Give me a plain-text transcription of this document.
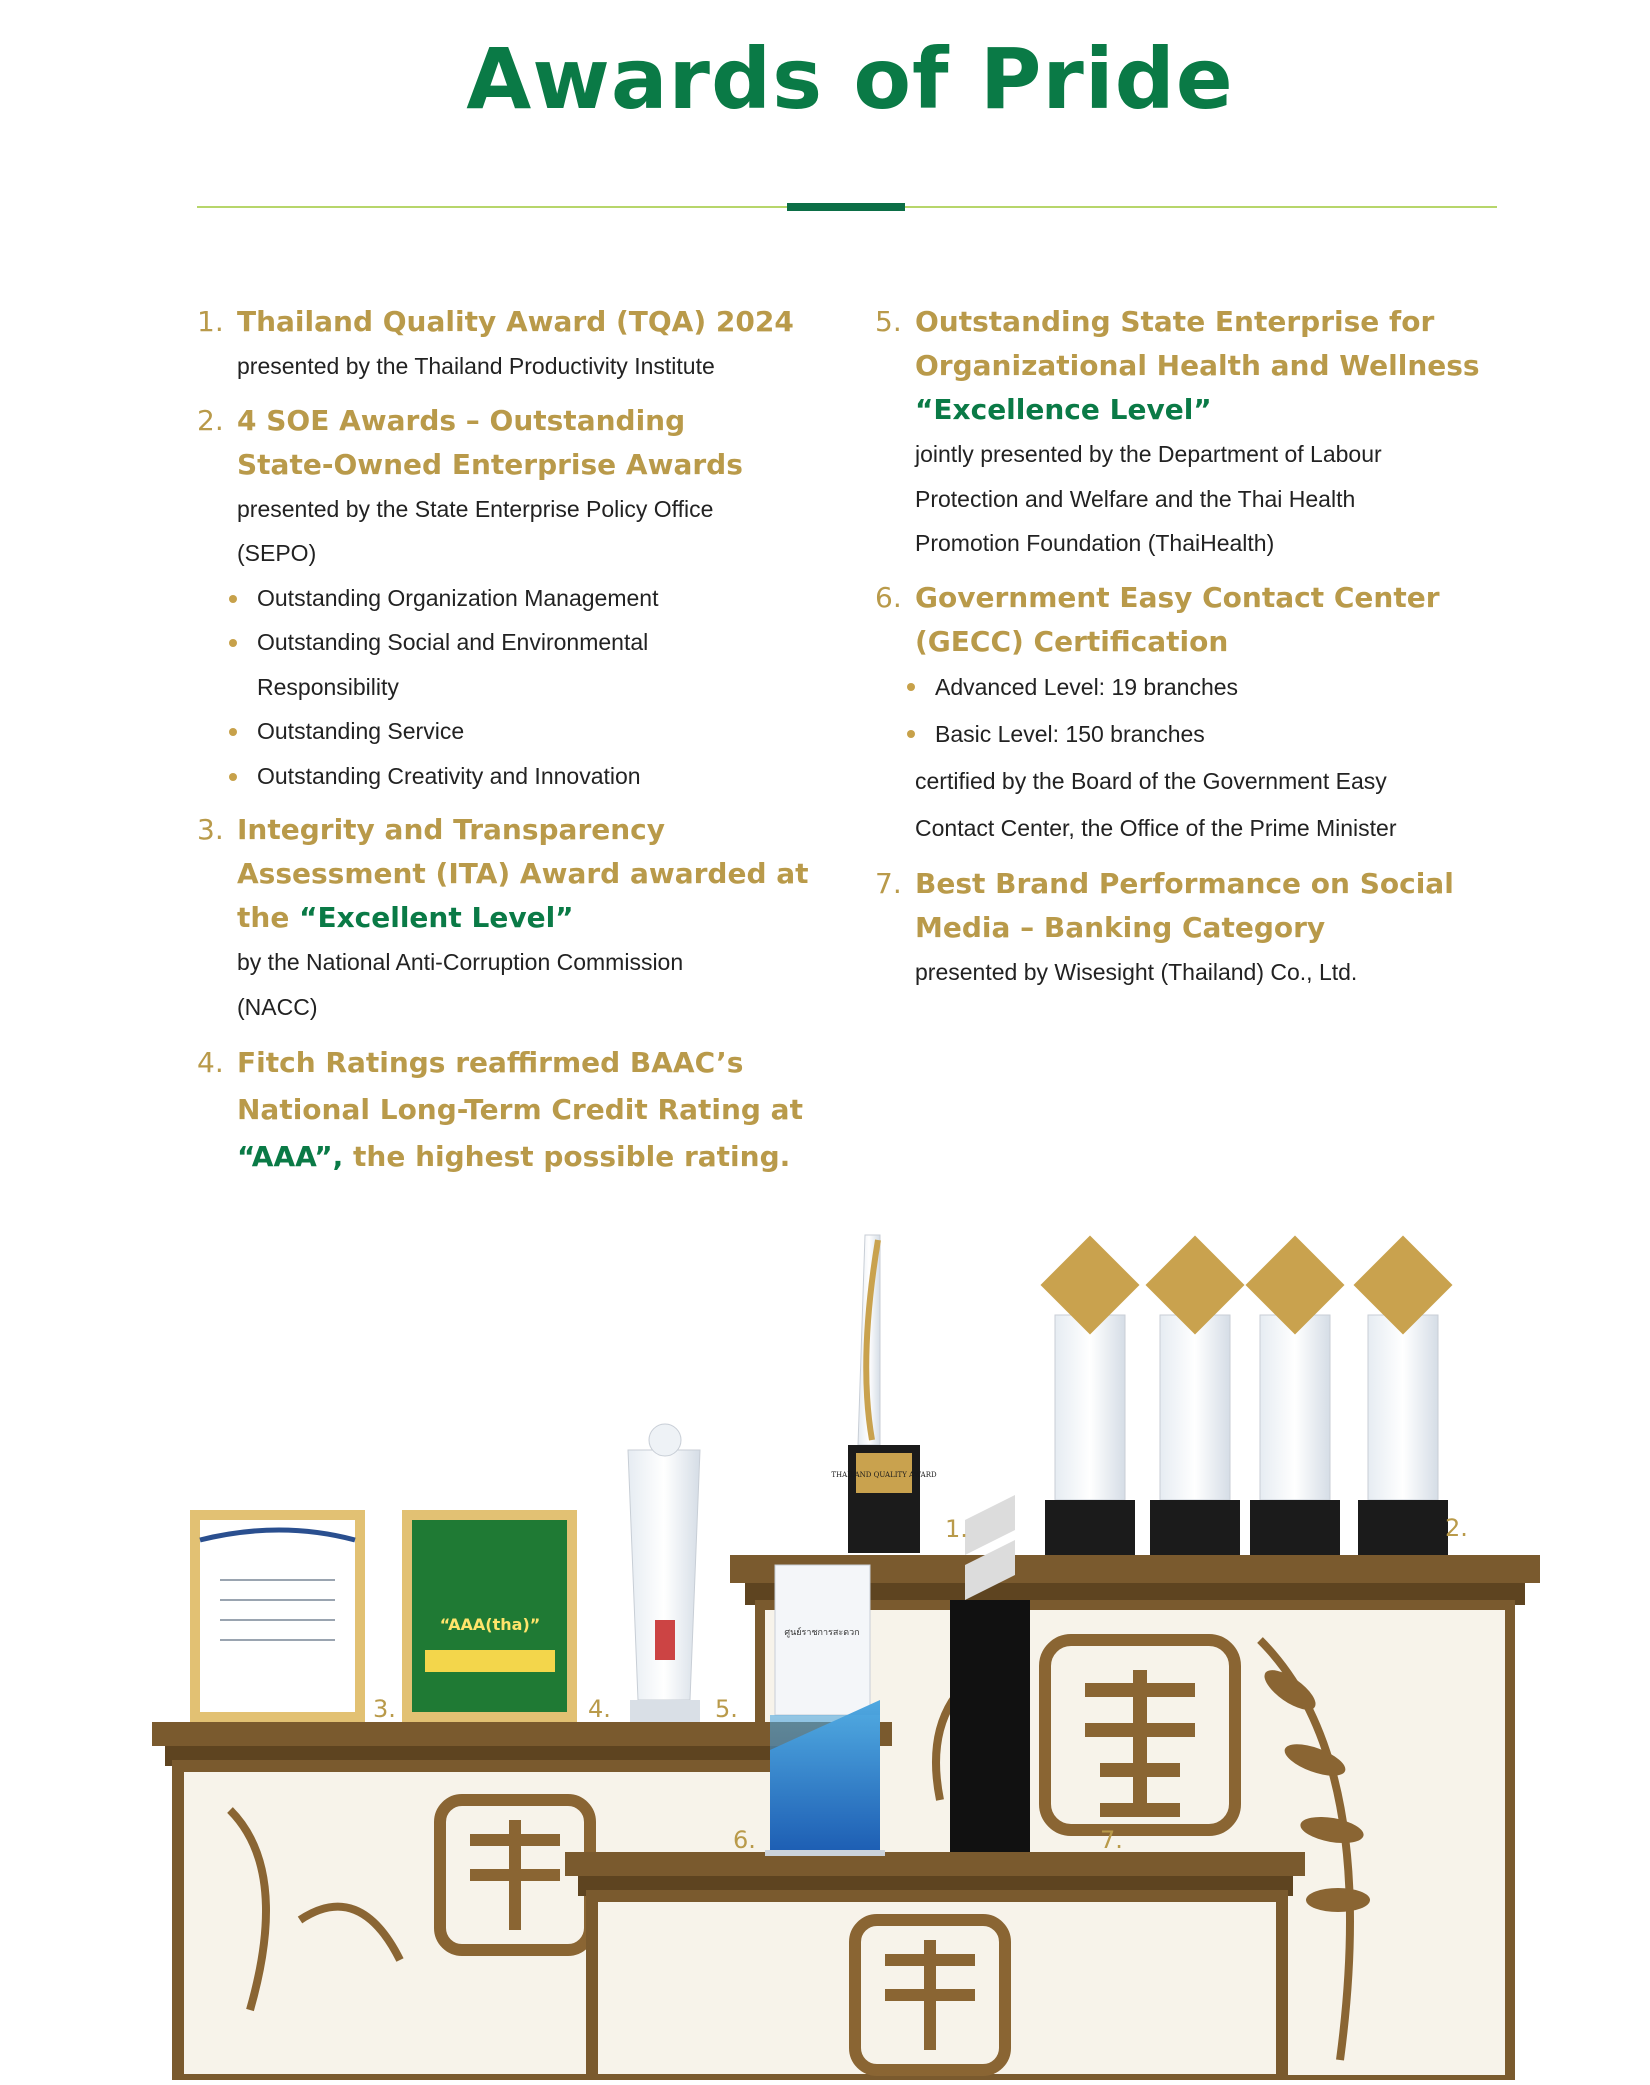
Awards of Pride
1. Thailand Quality Award (TQA) 2024
presented by the Thailand Productivity Institute
2. 4 SOE Awards – Outstanding
State-Owned Enterprise Awards
presented by the State Enterprise Policy Office
(SEPO)
Outstanding Organization Management
Outstanding Social and Environmental
Responsibility
Outstanding Service
Outstanding Creativity and Innovation
3. Integrity and Transparency
Assessment (ITA) Award awarded at
the “Excellent Level”
by the National Anti-Corruption Commission
(NACC)
4. Fitch Ratings reaffirmed BAAC’s
National Long-Term Credit Rating at
“AAA”, the highest possible rating.
5. Outstanding State Enterprise for
Organizational Health and Wellness
“Excellence Level”
jointly presented by the Department of Labour
Protection and Welfare and the Thai Health
Promotion Foundation (ThaiHealth)
6. Government Easy Contact Center
(GECC) Certification
Advanced Level: 19 branches
Basic Level: 150 branches
certified by the Board of the Government Easy
Contact Center, the Office of the Prime Minister
7. Best Brand Performance on Social
Media – Banking Category
presented by Wisesight (Thailand) Co., Ltd.
THAILAND QUALITY AWARD
“AAA(tha)”	ศูนย์ราชการสะดวก
1.	2.
3.	4.	5.
6.	7.
